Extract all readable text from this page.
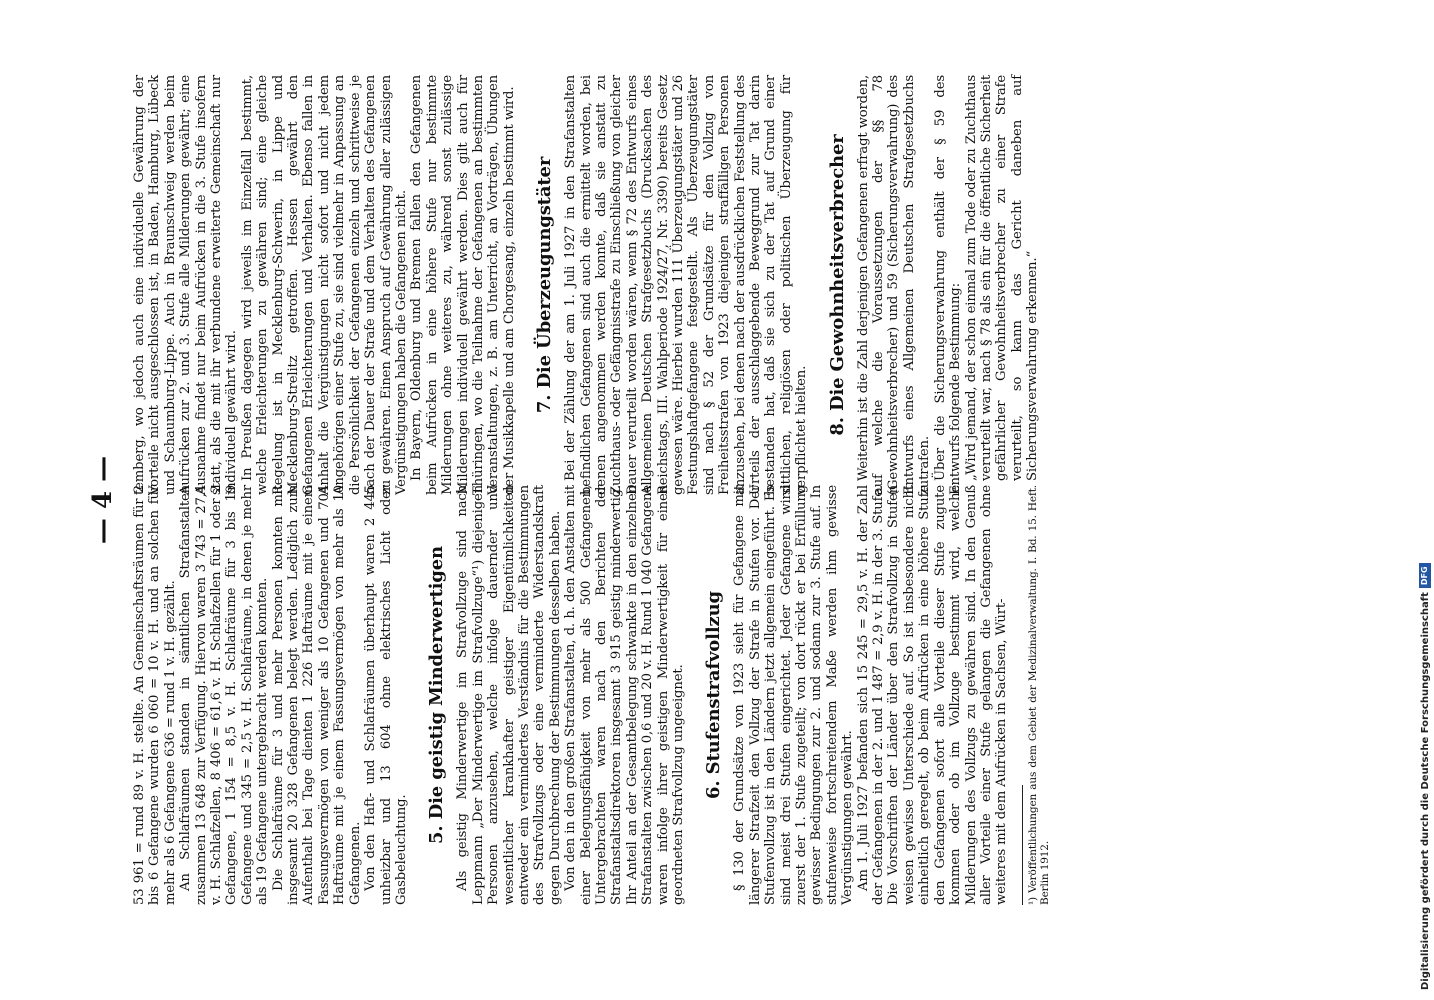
— 4 — 53 961 = rund 89 v. H. stellte. An Gemeinschaftsräumen für 2 bis 6 Gefangene wurden 6 060 = 10 v. H. und an solchen für mehr als 6 Gefangene 636 = rund 1 v. H. gezählt. An Schlafräumen standen in sämtlichen Strafanstalten zusammen 13 648 zur Verfügung. Hiervon waren 3 743 = 27,4 v. H. Schlafzellen, 8 406 = 61,6 v. H. Schlafzellen für 1 oder 2 Gefangene, 1 154 = 8,5 v. H. Schlafräume für 3 bis 19 Gefangene und 345 = 2,5 v. H. Schlafräume, in denen je mehr als 19 Gefangene untergebracht werden konnten. Die Schlafräume für 3 und mehr Personen konnten mit insgesamt 20 328 Gefangenen belegt werden. Lediglich zum Aufenthalt bei Tage dienten 1 226 Hafträume mit je einem Fassungsvermögen von weniger als 10 Gefangenen und 704 Hafträume mit je einem Fassungsvermögen von mehr als 10 Gefangenen. Von den Haft- und Schlafräumen überhaupt waren 2 445 unheizbar und 13 604 ohne elektrisches Licht oder Gasbeleuchtung.

5. Die geistig Minderwertigen Als geistig Minderwertige im Strafvollzuge sind nach Leppmann „Der Minderwertige im Strafvollzuge“¹) diejenigen Personen anzusehen, welche infolge dauernder und wesentlicher krankhafter geistiger Eigentümlichkeiten entweder ein vermindertes Verständnis für die Bestimmungen des Strafvollzugs oder eine verminderte Widerstandskraft gegen Durchbrechung der Bestimmungen desselben haben. Von den in den großen Strafanstalten, d. h. den Anstalten mit einer Belegungsfähigkeit von mehr als 500 Gefangenen, Untergebrachten waren nach den Berichten der Strafanstaltsdirektoren insgesamt 3 915 geistig minderwertig. Ihr Anteil an der Gesamtbelegung schwankte in den einzelnen Strafanstalten zwischen 0,6 und 20 v. H. Rund 1 040 Gefangene waren infolge ihrer geistigen Minderwertigkeit für einen geordneten Strafvollzug ungeeignet. 6. Stufenstrafvollzug § 130 der Grundsätze von 1923 sieht für Gefangene mit längerer Strafzeit den Vollzug der Strafe in Stufen vor. Der Stufenvollzug ist in den Ländern jetzt allgemein eingeführt. Es sind meist drei Stufen eingerichtet. Jeder Gefangene wird zuerst der 1. Stufe zugeteilt; von dort rückt er bei Erfüllung gewisser Bedingungen zur 2. und sodann zur 3. Stufe auf. In stufenweise fortschreitendem Maße werden ihm gewisse Vergünstigungen gewährt. Am 1. Juli 1927 befanden sich 15 245 = 29,5 v. H. der Zahl der Gefangenen in der 2. und 1 487 = 2,9 v. H. in der 3. Stufe. Die Vorschriften der Länder über den Strafvollzug in Stufen weisen gewisse Unterschiede auf. So ist insbesondere nicht einheitlich geregelt, ob beim Aufrücken in eine höhere Stufe den Gefangenen sofort alle Vorteile dieser Stufe zugute kommen oder ob im Vollzuge bestimmt wird, welche Milderungen des Vollzugs zu gewähren sind. In den Genuß aller Vorteile einer Stufe gelangen die Gefangenen ohne weiteres mit dem Aufrücken in Sachsen, Würt- ¹) Veröffentlichungen aus dem Gebiet der Medizinalverwaltung. I. Bd. 15. Heft. Berlin 1912.

temberg, wo jedoch auch eine individuelle Gewährung der Vorteile nicht ausgeschlossen ist, in Baden, Hamburg, Lübeck und Schaumburg-Lippe. Auch in Braunschweig werden beim Aufrücken zur 2. und 3. Stufe alle Milderungen gewährt; eine Ausnahme findet nur beim Aufrücken in die 3. Stufe insofern statt, als die mit ihr verbundene erweiterte Gemeinschaft nur individuell gewährt wird. In Preußen dagegen wird jeweils im Einzelfall bestimmt, welche Erleichterungen zu gewähren sind; eine gleiche Regelung ist in Mecklenburg-Schwerin, in Lippe und Mecklenburg-Strelitz getroffen. Hessen gewährt den Gefangenen Erleichterungen und Verhalten. Ebenso fallen in Anhalt die Vergünstigungen nicht sofort und nicht jedem Angehörigen einer Stufe zu, sie sind vielmehr in Anpassung an die Persönlichkeit der Gefangenen einzeln und schrittweise je nach der Dauer der Strafe und dem Verhalten des Gefangenen zu gewähren. Einen Anspruch auf Gewährung aller zulässigen Vergünstigungen haben die Gefangenen nicht. In Bayern, Oldenburg und Bremen fallen den Gefangenen beim Aufrücken in eine höhere Stufe nur bestimmte Milderungen ohne weiteres zu, während sonst zulässige Milderungen individuell gewährt werden. Dies gilt auch für Thüringen, wo die Teilnahme der Gefangenen an bestimmten Veranstaltungen, z. B. am Unterricht, an Vorträgen, Übungen der Musikkapelle und am Chorgesang, einzeln bestimmt wird. 7. Die Überzeugungstäter Bei der Zählung der am 1. Juli 1927 in den Strafanstalten befindlichen Gefangenen sind auch die ermittelt worden, bei denen angenommen werden konnte, daß sie anstatt zu Zuchthaus- oder Gefängnisstrafe zu Einschließung von gleicher Dauer verurteilt worden wären, wenn § 72 des Entwurfs eines Allgemeinen Deutschen Strafgesetzbuchs (Drucksachen des Reichstags, III. Wahlperiode 1924/27, Nr. 3390) bereits Gesetz gewesen wäre. Hierbei wurden 111 Überzeugungstäter und 26 Festungshaftgefangene festgestellt. Als Überzeugungstäter sind nach § 52 der Grundsätze für den Vollzug von Freiheitsstrafen von 1923 diejenigen straffälligen Personen anzusehen, bei denen nach der ausdrücklichen Feststellung des Urteils der ausschlaggebende Beweggrund zur Tat darin bestanden hat, daß sie sich zu der Tat auf Grund einer sittlichen, religiösen oder politischen Überzeugung für verpflichtet hielten. 8. Die Gewohnheitsverbrecher Weiterhin ist die Zahl derjenigen Gefangenen erfragt worden, auf welche die Voraussetzungen der §§ 78 (Gewohnheitsverbrecher) und 59 (Sicherungsverwahrung) des Entwurfs eines Allgemeinen Deutschen Strafgesetzbuchs zutrafen. Über die Sicherungsverwahrung enthält der § 59 des Entwurfs folgende Bestimmung: „Wird jemand, der schon einmal zum Tode oder zu Zuchthaus verurteilt war, nach § 78 als ein für die öffentliche Sicherheit gefährlicher Gewohnheitsverbrecher zu einer Strafe verurteilt, so kann das Gericht daneben auf Sicherungsverwahrung erkennen.“

Digitalisierung gefördert durch die Deutsche Forschungsgemeinschaft
DFG
